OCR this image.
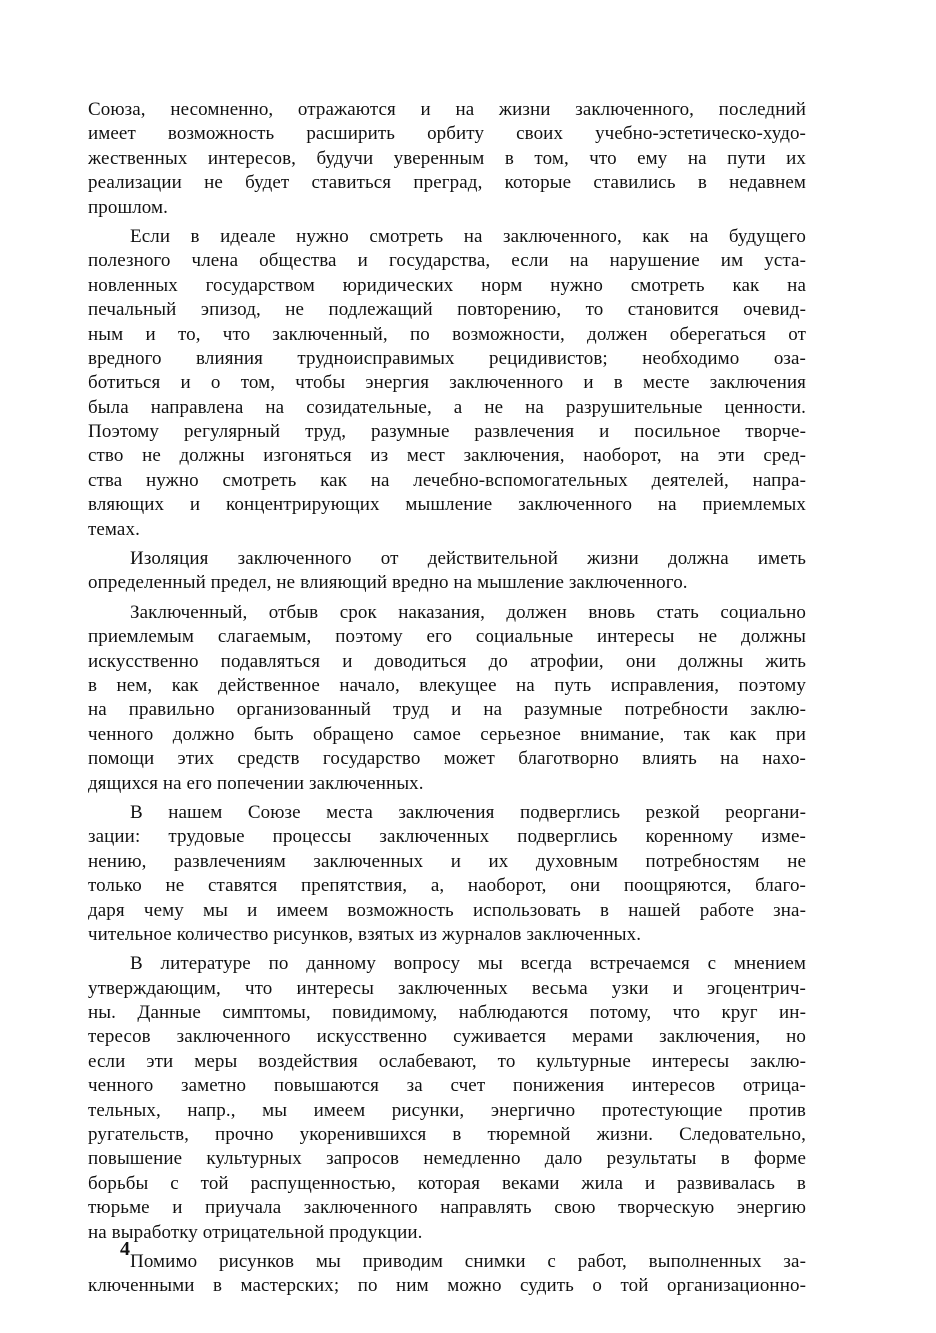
Союза, несомненно, отражаются и на жизни заключенного, последний
имеет возможность расширить орбиту своих учебно-эстетическо-худо-
жественных интересов, будучи уверенным в том, что ему на пути их
реализации не будет ставиться преград, которые ставились в недавнем
прошлом.

Если в идеале нужно смотреть на заключенного, как на будущего
полезного члена общества и государства, если на нарушение им уста-
новленных государством юридических норм нужно смотреть как на
печальный эпизод, не подлежащий повторению, то становится очевид-
ным и то, что заключенный, по возможности, должен оберегаться от
вредного влияния трудноисправимых рецидивистов; необходимо оза-
ботиться и о том, чтобы энергия заключенного и в месте заключения
была направлена на созидательные, а не на разрушительные ценности.
Поэтому регулярный труд, разумные развлечения и посильное творче-
ство не должны изгоняться из мест заключения, наоборот, на эти сред-
ства нужно смотреть как на лечебно-вспомогательных деятелей, напра-
вляющих и концентрирующих мышление заключенного на приемлемых
темах.

Изоляция заключенного от действительной жизни должна иметь
определенный предел, не влияющий вредно на мышление заключенного.

Заключенный, отбыв срок наказания, должен вновь стать социально
приемлемым слагаемым, поэтому его социальные интересы не должны
искусственно подавляться и доводиться до атрофии, они должны жить
в нем, как действенное начало, влекущее на путь исправления, поэтому
на правильно организованный труд и на разумные потребности заклю-
ченного должно быть обращено самое серьезное внимание, так как при
помощи этих средств государство может благотворно влиять на нахо-
дящихся на его попечении заключенных.

В нашем Союзе места заключения подверглись резкой реоргани-
зации: трудовые процессы заключенных подверглись коренному изме-
нению, развлечениям заключенных и их духовным потребностям не
только не ставятся препятствия, а, наоборот, они поощряются, благо-
даря чему мы и имеем возможность использовать в нашей работе зна-
чительное количество рисунков, взятых из журналов заключенных.

В литературе по данному вопросу мы всегда встречаемся с мнением
утверждающим, что интересы заключенных весьма узки и эгоцентрич-
ны. Данные симптомы, повидимому, наблюдаются потому, что круг ин-
тересов заключенного искусственно суживается мерами заключения, но
если эти меры воздействия ослабевают, то культурные интересы заклю-
ченного заметно повышаются за счет понижения интересов отрица-
тельных, напр., мы имеем рисунки, энергично протестующие против
ругательств, прочно укоренившихся в тюремной жизни. Следовательно,
повышение культурных запросов немедленно дало результаты в форме
борьбы с той распущенностью, которая веками жила и развивалась в
тюрьме и приучала заключенного направлять свою творческую энергию
на выработку отрицательной продукции.

Помимо рисунков мы приводим снимки с работ, выполненных за-
ключенными в мастерских; по ним можно судить о той организационно-

4
